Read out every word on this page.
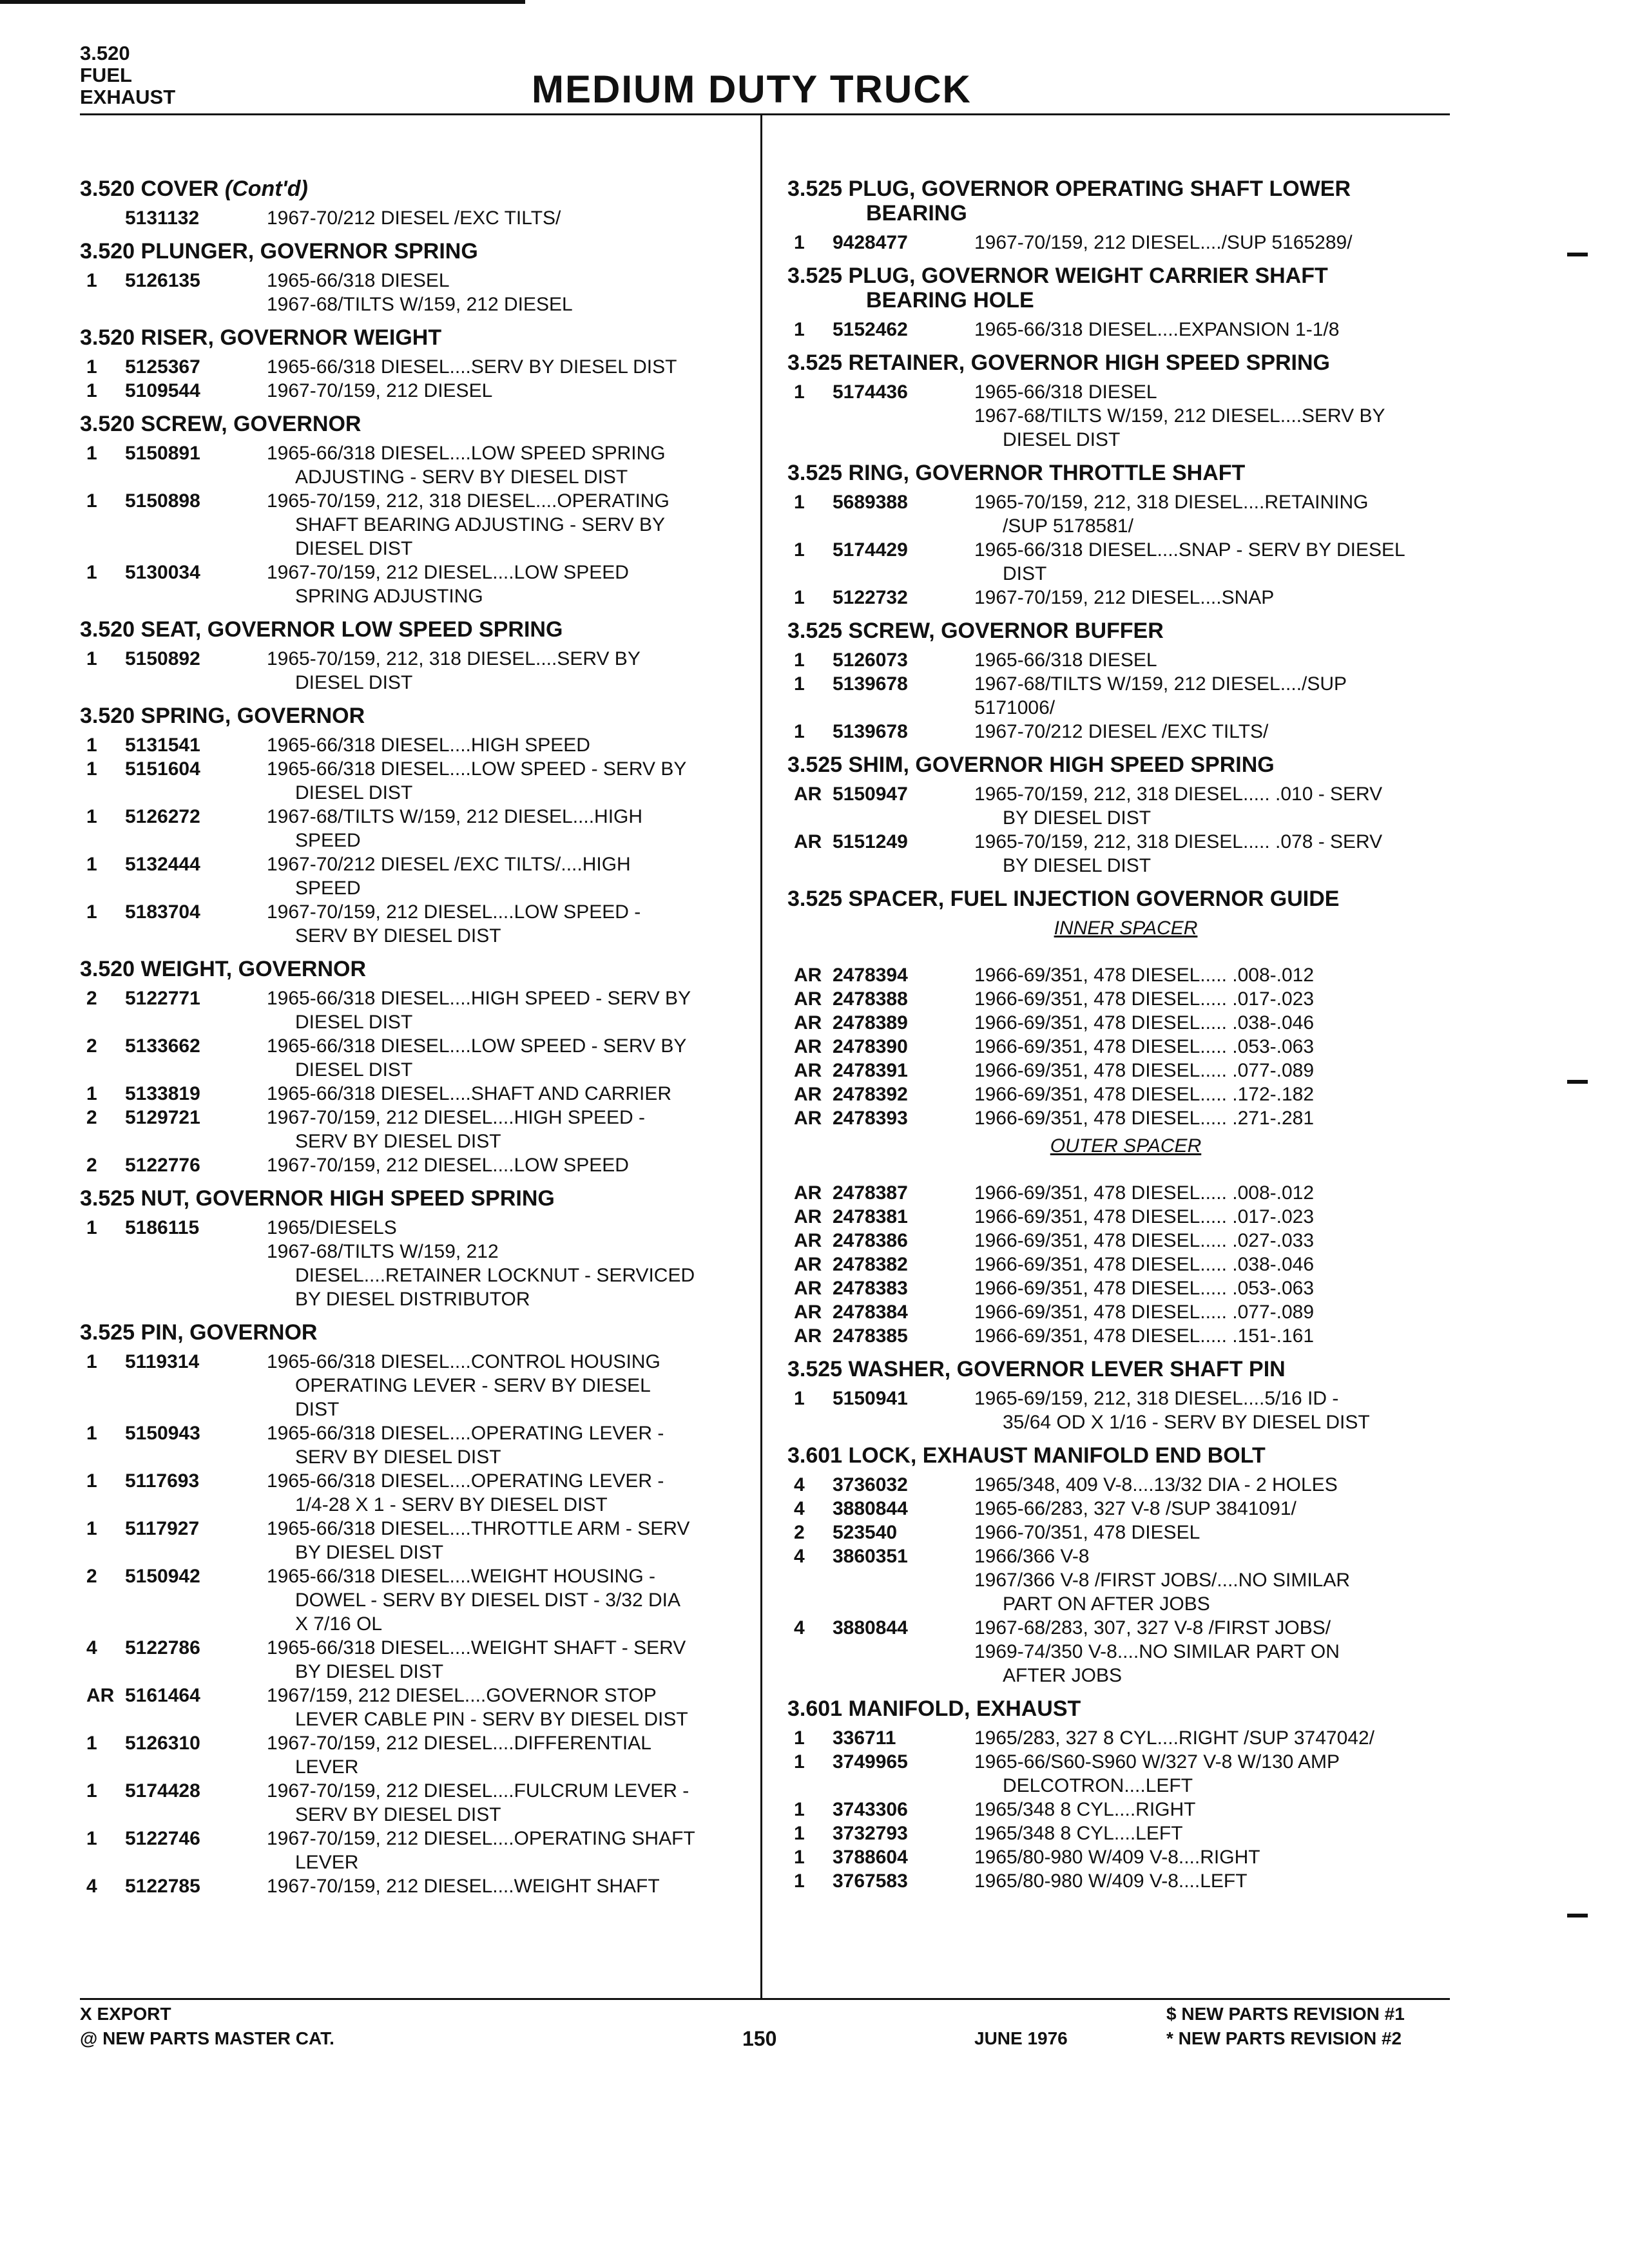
3.520
FUEL
EXHAUST	MEDIUM DUTY TRUCK
3.520 COVER (Cont'd)
5131132	1967-70/212 DIESEL /EXC TILTS/
3.520 PLUNGER, GOVERNOR SPRING
1	5126135	1965-66/318 DIESEL
1967-68/TILTS W/159, 212 DIESEL
3.520 RISER, GOVERNOR WEIGHT
1	5125367	1965-66/318 DIESEL....SERV BY DIESEL DIST
1	5109544	1967-70/159, 212 DIESEL
3.520 SCREW, GOVERNOR
1	5150891	1965-66/318 DIESEL....LOW SPEED SPRING
ADJUSTING - SERV BY DIESEL DIST
1	5150898	1965-70/159, 212, 318 DIESEL....OPERATING
SHAFT BEARING ADJUSTING - SERV BY
DIESEL DIST
1	5130034	1967-70/159, 212 DIESEL....LOW SPEED
SPRING ADJUSTING
3.520 SEAT, GOVERNOR LOW SPEED SPRING
1	5150892	1965-70/159, 212, 318 DIESEL....SERV BY
DIESEL DIST
3.520 SPRING, GOVERNOR
1	5131541	1965-66/318 DIESEL....HIGH SPEED
1	5151604	1965-66/318 DIESEL....LOW SPEED - SERV BY
DIESEL DIST
1	5126272	1967-68/TILTS W/159, 212 DIESEL....HIGH
SPEED
1	5132444	1967-70/212 DIESEL /EXC TILTS/....HIGH
SPEED
1	5183704	1967-70/159, 212 DIESEL....LOW SPEED -
SERV BY DIESEL DIST
3.520 WEIGHT, GOVERNOR
2	5122771	1965-66/318 DIESEL....HIGH SPEED - SERV BY
DIESEL DIST
2	5133662	1965-66/318 DIESEL....LOW SPEED - SERV BY
DIESEL DIST
1	5133819	1965-66/318 DIESEL....SHAFT AND CARRIER
2	5129721	1967-70/159, 212 DIESEL....HIGH SPEED -
SERV BY DIESEL DIST
2	5122776	1967-70/159, 212 DIESEL....LOW SPEED
3.525 NUT, GOVERNOR HIGH SPEED SPRING
1	5186115	1965/DIESELS
1967-68/TILTS W/159, 212
DIESEL....RETAINER LOCKNUT - SERVICED
BY DIESEL DISTRIBUTOR
3.525 PIN, GOVERNOR
1	5119314	1965-66/318 DIESEL....CONTROL HOUSING
OPERATING LEVER - SERV BY DIESEL
DIST
1	5150943	1965-66/318 DIESEL....OPERATING LEVER -
SERV BY DIESEL DIST
1	5117693	1965-66/318 DIESEL....OPERATING LEVER -
1/4-28 X 1 - SERV BY DIESEL DIST
1	5117927	1965-66/318 DIESEL....THROTTLE ARM - SERV
BY DIESEL DIST
2	5150942	1965-66/318 DIESEL....WEIGHT HOUSING -
DOWEL - SERV BY DIESEL DIST - 3/32 DIA
X 7/16 OL
4	5122786	1965-66/318 DIESEL....WEIGHT SHAFT - SERV
BY DIESEL DIST
AR 5161464	1967/159, 212 DIESEL....GOVERNOR STOP
LEVER CABLE PIN - SERV BY DIESEL DIST
1	5126310	1967-70/159, 212 DIESEL....DIFFERENTIAL
LEVER
1	5174428	1967-70/159, 212 DIESEL....FULCRUM LEVER -
SERV BY DIESEL DIST
1	5122746	1967-70/159, 212 DIESEL....OPERATING SHAFT
LEVER
4	5122785	1967-70/159, 212 DIESEL....WEIGHT SHAFT
3.525 PLUG, GOVERNOR OPERATING SHAFT LOWER
BEARING
1	9428477	1967-70/159, 212 DIESEL..../SUP 5165289/
3.525 PLUG, GOVERNOR WEIGHT CARRIER SHAFT
BEARING HOLE
1	5152462	1965-66/318 DIESEL....EXPANSION 1-1/8
3.525 RETAINER, GOVERNOR HIGH SPEED SPRING
1	5174436	1965-66/318 DIESEL
1967-68/TILTS W/159, 212 DIESEL....SERV BY
DIESEL DIST
3.525 RING, GOVERNOR THROTTLE SHAFT
1	5689388	1965-70/159, 212, 318 DIESEL....RETAINING
/SUP 5178581/
1	5174429	1965-66/318 DIESEL....SNAP - SERV BY DIESEL
DIST
1	5122732	1967-70/159, 212 DIESEL....SNAP
3.525 SCREW, GOVERNOR BUFFER
1	5126073	1965-66/318 DIESEL
1	5139678	1967-68/TILTS W/159, 212 DIESEL..../SUP
5171006/
1	5139678	1967-70/212 DIESEL /EXC TILTS/
3.525 SHIM, GOVERNOR HIGH SPEED SPRING
AR 5150947	1965-70/159, 212, 318 DIESEL..... .010 - SERV
BY DIESEL DIST
AR 5151249	1965-70/159, 212, 318 DIESEL..... .078 - SERV
BY DIESEL DIST
3.525 SPACER, FUEL INJECTION GOVERNOR GUIDE
INNER SPACER
AR 2478394	1966-69/351, 478 DIESEL..... .008-.012
AR 2478388	1966-69/351, 478 DIESEL..... .017-.023
AR 2478389	1966-69/351, 478 DIESEL..... .038-.046
AR 2478390	1966-69/351, 478 DIESEL..... .053-.063
AR 2478391	1966-69/351, 478 DIESEL..... .077-.089
AR 2478392	1966-69/351, 478 DIESEL..... .172-.182
AR 2478393	1966-69/351, 478 DIESEL..... .271-.281
OUTER SPACER
AR 2478387	1966-69/351, 478 DIESEL..... .008-.012
AR 2478381	1966-69/351, 478 DIESEL..... .017-.023
AR 2478386	1966-69/351, 478 DIESEL..... .027-.033
AR 2478382	1966-69/351, 478 DIESEL..... .038-.046
AR 2478383	1966-69/351, 478 DIESEL..... .053-.063
AR 2478384	1966-69/351, 478 DIESEL..... .077-.089
AR 2478385	1966-69/351, 478 DIESEL..... .151-.161
3.525 WASHER, GOVERNOR LEVER SHAFT PIN
1	5150941	1965-69/159, 212, 318 DIESEL....5/16 ID -
35/64 OD X 1/16 - SERV BY DIESEL DIST
3.601 LOCK, EXHAUST MANIFOLD END BOLT
4	3736032	1965/348, 409 V-8....13/32 DIA - 2 HOLES
4	3880844	1965-66/283, 327 V-8 /SUP 3841091/
2	523540	1966-70/351, 478 DIESEL
4	3860351	1966/366 V-8
1967/366 V-8 /FIRST JOBS/....NO SIMILAR
PART ON AFTER JOBS
4	3880844	1967-68/283, 307, 327 V-8 /FIRST JOBS/
1969-74/350 V-8....NO SIMILAR PART ON
AFTER JOBS
3.601 MANIFOLD, EXHAUST
1	336711	1965/283, 327 8 CYL....RIGHT /SUP 3747042/
1	3749965	1965-66/S60-S960 W/327 V-8 W/130 AMP
DELCOTRON....LEFT
1	3743306	1965/348 8 CYL....RIGHT
1	3732793	1965/348 8 CYL....LEFT
1	3788604	1965/80-980 W/409 V-8....RIGHT
1	3767583	1965/80-980 W/409 V-8....LEFT
X EXPORT
@ NEW PARTS MASTER CAT.	150	JUNE 1976
$ NEW PARTS REVISION #1
* NEW PARTS REVISION #2
